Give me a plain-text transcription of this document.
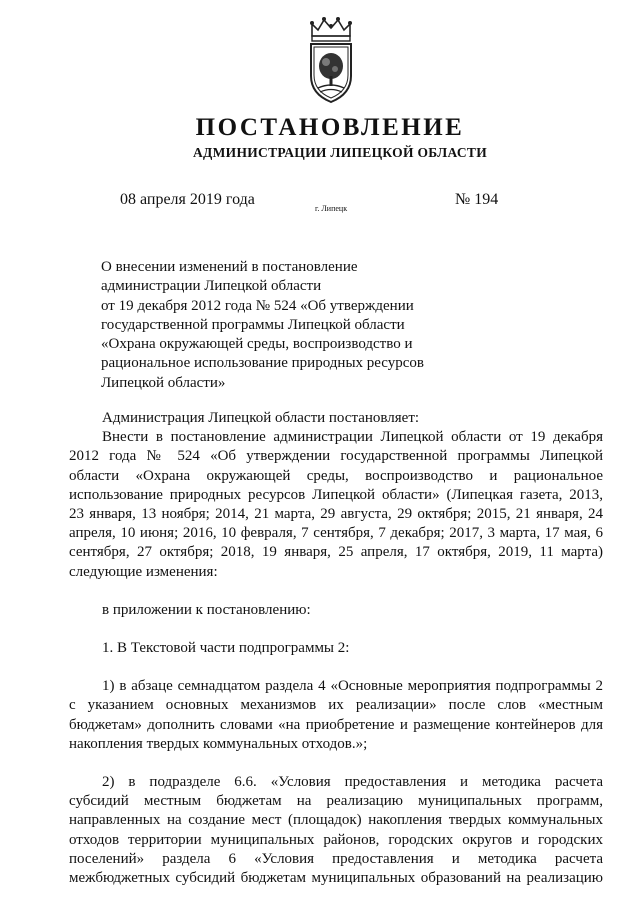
ПОСТАНОВЛЕНИЕ
АДМИНИСТРАЦИИ ЛИПЕЦКОЙ ОБЛАСТИ
08 апреля 2019 года
г. Липецк
№ 194
О внесении изменений в постановление
администрации Липецкой области
от 19 декабря 2012 года № 524 «Об утверждении
государственной программы Липецкой области
«Охрана окружающей среды, воспроизводство и
рациональное использование природных ресурсов
Липецкой области»
Администрация Липецкой области постановляет:
Внести в постановление администрации Липецкой области от 19 декабря
2012 года № 524 «Об утверждении государственной программы Липецкой
области «Охрана окружающей среды, воспроизводство и рациональное
использование природных ресурсов Липецкой области» (Липецкая газета, 2013,
23 января, 13 ноября; 2014, 21 марта, 29 августа, 29 октября; 2015, 21 января, 24
апреля, 10 июня; 2016, 10 февраля, 7 сентября, 7 декабря; 2017, 3 марта, 17 мая, 6
сентября, 27 октября; 2018, 19 января, 25 апреля, 17 октября, 2019, 11 марта)
следующие изменения:
в приложении к постановлению:
1. В Текстовой части подпрограммы 2:
1) в абзаце семнадцатом раздела 4 «Основные мероприятия подпрограммы 2
с указанием основных механизмов их реализации» после слов «местным
бюджетам» дополнить словами «на приобретение и размещение контейнеров для
накопления твердых коммунальных отходов.»;
2) в подразделе 6.6. «Условия предоставления и методика расчета
субсидий местным бюджетам на реализацию муниципальных программ,
направленных на создание мест (площадок) накопления твердых коммунальных
отходов территории муниципальных районов, городских округов и городских
поселений» раздела 6 «Условия предоставления и методика расчета
межбюджетных субсидий бюджетам муниципальных образований на реализацию
